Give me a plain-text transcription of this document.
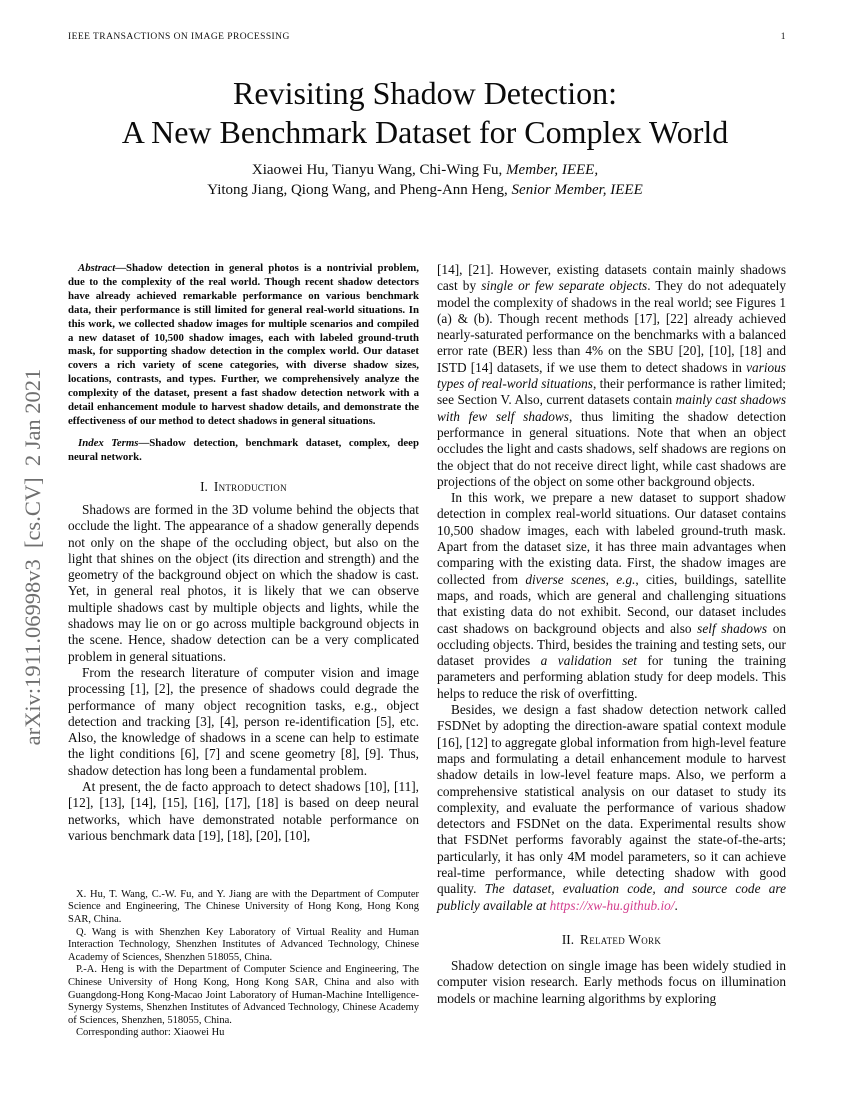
IEEE TRANSACTIONS ON IMAGE PROCESSING	1
arXiv:1911.06998v3  [cs.CV]  2 Jan 2021
Revisiting Shadow Detection:
A New Benchmark Dataset for Complex World
Xiaowei Hu, Tianyu Wang, Chi-Wing Fu, Member, IEEE,
Yitong Jiang, Qiong Wang, and Pheng-Ann Heng, Senior Member, IEEE

Abstract—Shadow detection in general photos is a nontrivial problem, due to the complexity of the real world. Though recent shadow detectors have already achieved remarkable performance on various benchmark data, their performance is still limited for general real-world situations. In this work, we collected shadow images for multiple scenarios and compiled a new dataset of 10,500 shadow images, each with labeled ground-truth mask, for supporting shadow detection in the complex world. Our dataset covers a rich variety of scene categories, with diverse shadow sizes, locations, contrasts, and types. Further, we comprehensively analyze the complexity of the dataset, present a fast shadow detection network with a detail enhancement module to harvest shadow details, and demonstrate the effectiveness of our method to detect shadows in general situations.

Index Terms—Shadow detection, benchmark dataset, complex, deep neural network.

I. Introduction

Shadows are formed in the 3D volume behind the objects that occlude the light. The appearance of a shadow generally depends not only on the shape of the occluding object, but also on the light that shines on the object (its direction and strength) and the geometry of the background object on which the shadow is cast. Yet, in general real photos, it is likely that we can observe multiple shadows cast by multiple objects and lights, while the shadows may lie on or go across multiple background objects in the scene. Hence, shadow detection can be a very complicated problem in general situations.

From the research literature of computer vision and image processing [1], [2], the presence of shadows could degrade the performance of many object recognition tasks, e.g., object detection and tracking [3], [4], person re-identification [5], etc. Also, the knowledge of shadows in a scene can help to estimate the light conditions [6], [7] and scene geometry [8], [9]. Thus, shadow detection has long been a fundamental problem.

At present, the de facto approach to detect shadows [10], [11], [12], [13], [14], [15], [16], [17], [18] is based on deep neural networks, which have demonstrated notable performance on various benchmark data [19], [18], [20], [10],

X. Hu, T. Wang, C.-W. Fu, and Y. Jiang are with the Department of Computer Science and Engineering, The Chinese University of Hong Kong, Hong Kong SAR, China.

Q. Wang is with Shenzhen Key Laboratory of Virtual Reality and Human Interaction Technology, Shenzhen Institutes of Advanced Technology, Chinese Academy of Sciences, Shenzhen 518055, China.

P.-A. Heng is with the Department of Computer Science and Engineering, The Chinese University of Hong Kong, Hong Kong SAR, China and also with Guangdong-Hong Kong-Macao Joint Laboratory of Human-Machine Intelligence-Synergy Systems, Shenzhen Institutes of Advanced Technology, Chinese Academy of Sciences, Shenzhen, 518055, China.

Corresponding author: Xiaowei Hu

[14], [21]. However, existing datasets contain mainly shadows cast by single or few separate objects. They do not adequately model the complexity of shadows in the real world; see Figures 1 (a) & (b). Though recent methods [17], [22] already achieved nearly-saturated performance on the benchmarks with a balanced error rate (BER) less than 4% on the SBU [20], [10], [18] and ISTD [14] datasets, if we use them to detect shadows in various types of real-world situations, their performance is rather limited; see Section V. Also, current datasets contain mainly cast shadows with few self shadows, thus limiting the shadow detection performance in general situations. Note that when an object occludes the light and casts shadows, self shadows are regions on the object that do not receive direct light, while cast shadows are projections of the object on some other background objects.

In this work, we prepare a new dataset to support shadow detection in complex real-world situations. Our dataset contains 10,500 shadow images, each with labeled ground-truth mask. Apart from the dataset size, it has three main advantages when comparing with the existing data. First, the shadow images are collected from diverse scenes, e.g., cities, buildings, satellite maps, and roads, which are general and challenging situations that existing data do not exhibit. Second, our dataset includes cast shadows on background objects and also self shadows on occluding objects. Third, besides the training and testing sets, our dataset provides a validation set for tuning the training parameters and performing ablation study for deep models. This helps to reduce the risk of overfitting.

Besides, we design a fast shadow detection network called FSDNet by adopting the direction-aware spatial context module [16], [12] to aggregate global information from high-level feature maps and formulating a detail enhancement module to harvest shadow details in low-level feature maps. Also, we perform a comprehensive statistical analysis on our dataset to study its complexity, and evaluate the performance of various shadow detectors and FSDNet on the data. Experimental results show that FSDNet performs favorably against the state-of-the-arts; particularly, it has only 4M model parameters, so it can achieve real-time performance, while detecting shadow with good quality. The dataset, evaluation code, and source code are publicly available at https://xw-hu.github.io/.

II. Related Work

Shadow detection on single image has been widely studied in computer vision research. Early methods focus on illumination models or machine learning algorithms by exploring
